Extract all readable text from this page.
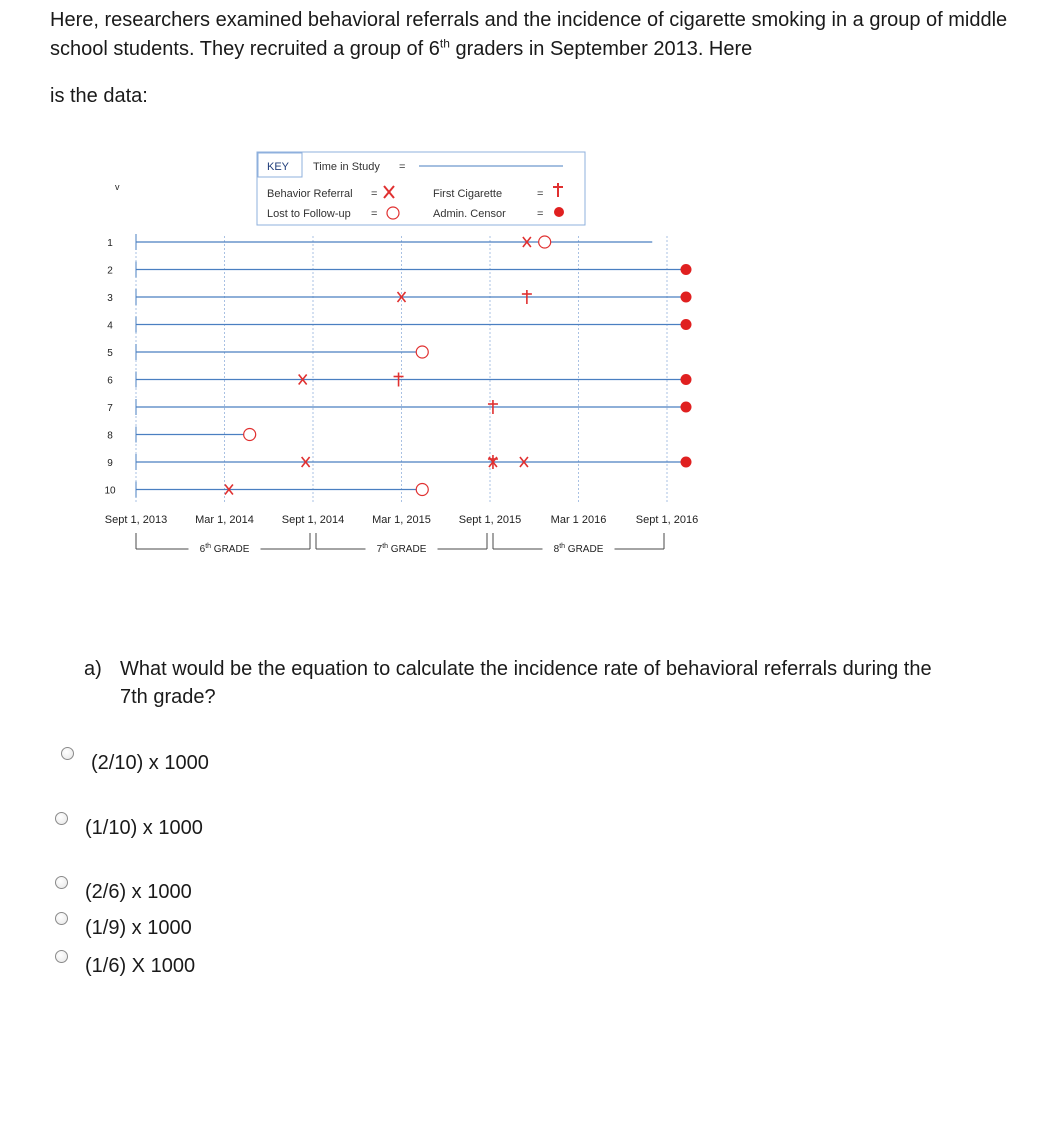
Here, researchers examined behavioral referrals and the incidence of cigarette smoking in a group of middle school students. They recruited a group of 6th graders in September 2013. Here

is the data:

KEY Time in Study =
Behavior Referral =
Lost to Follow-up =
First Cigarette	=
Admin. Censor	=
v
1
2
3
4
5
6
7
8
9
10
Sept 1, 2013	Mar 1, 2014	Sept 1, 2014	Mar 1, 2015	Sept 1, 2015	Mar 1 2016	Sept 1, 2016
6th GRADE	7th GRADE	8th GRADE
a) What would be the equation to calculate the incidence rate of behavioral referrals during the 7th grade?
(2/10) x 1000
(1/10) x 1000
(2/6) x 1000
(1/9) x 1000
(1/6) X 1000
